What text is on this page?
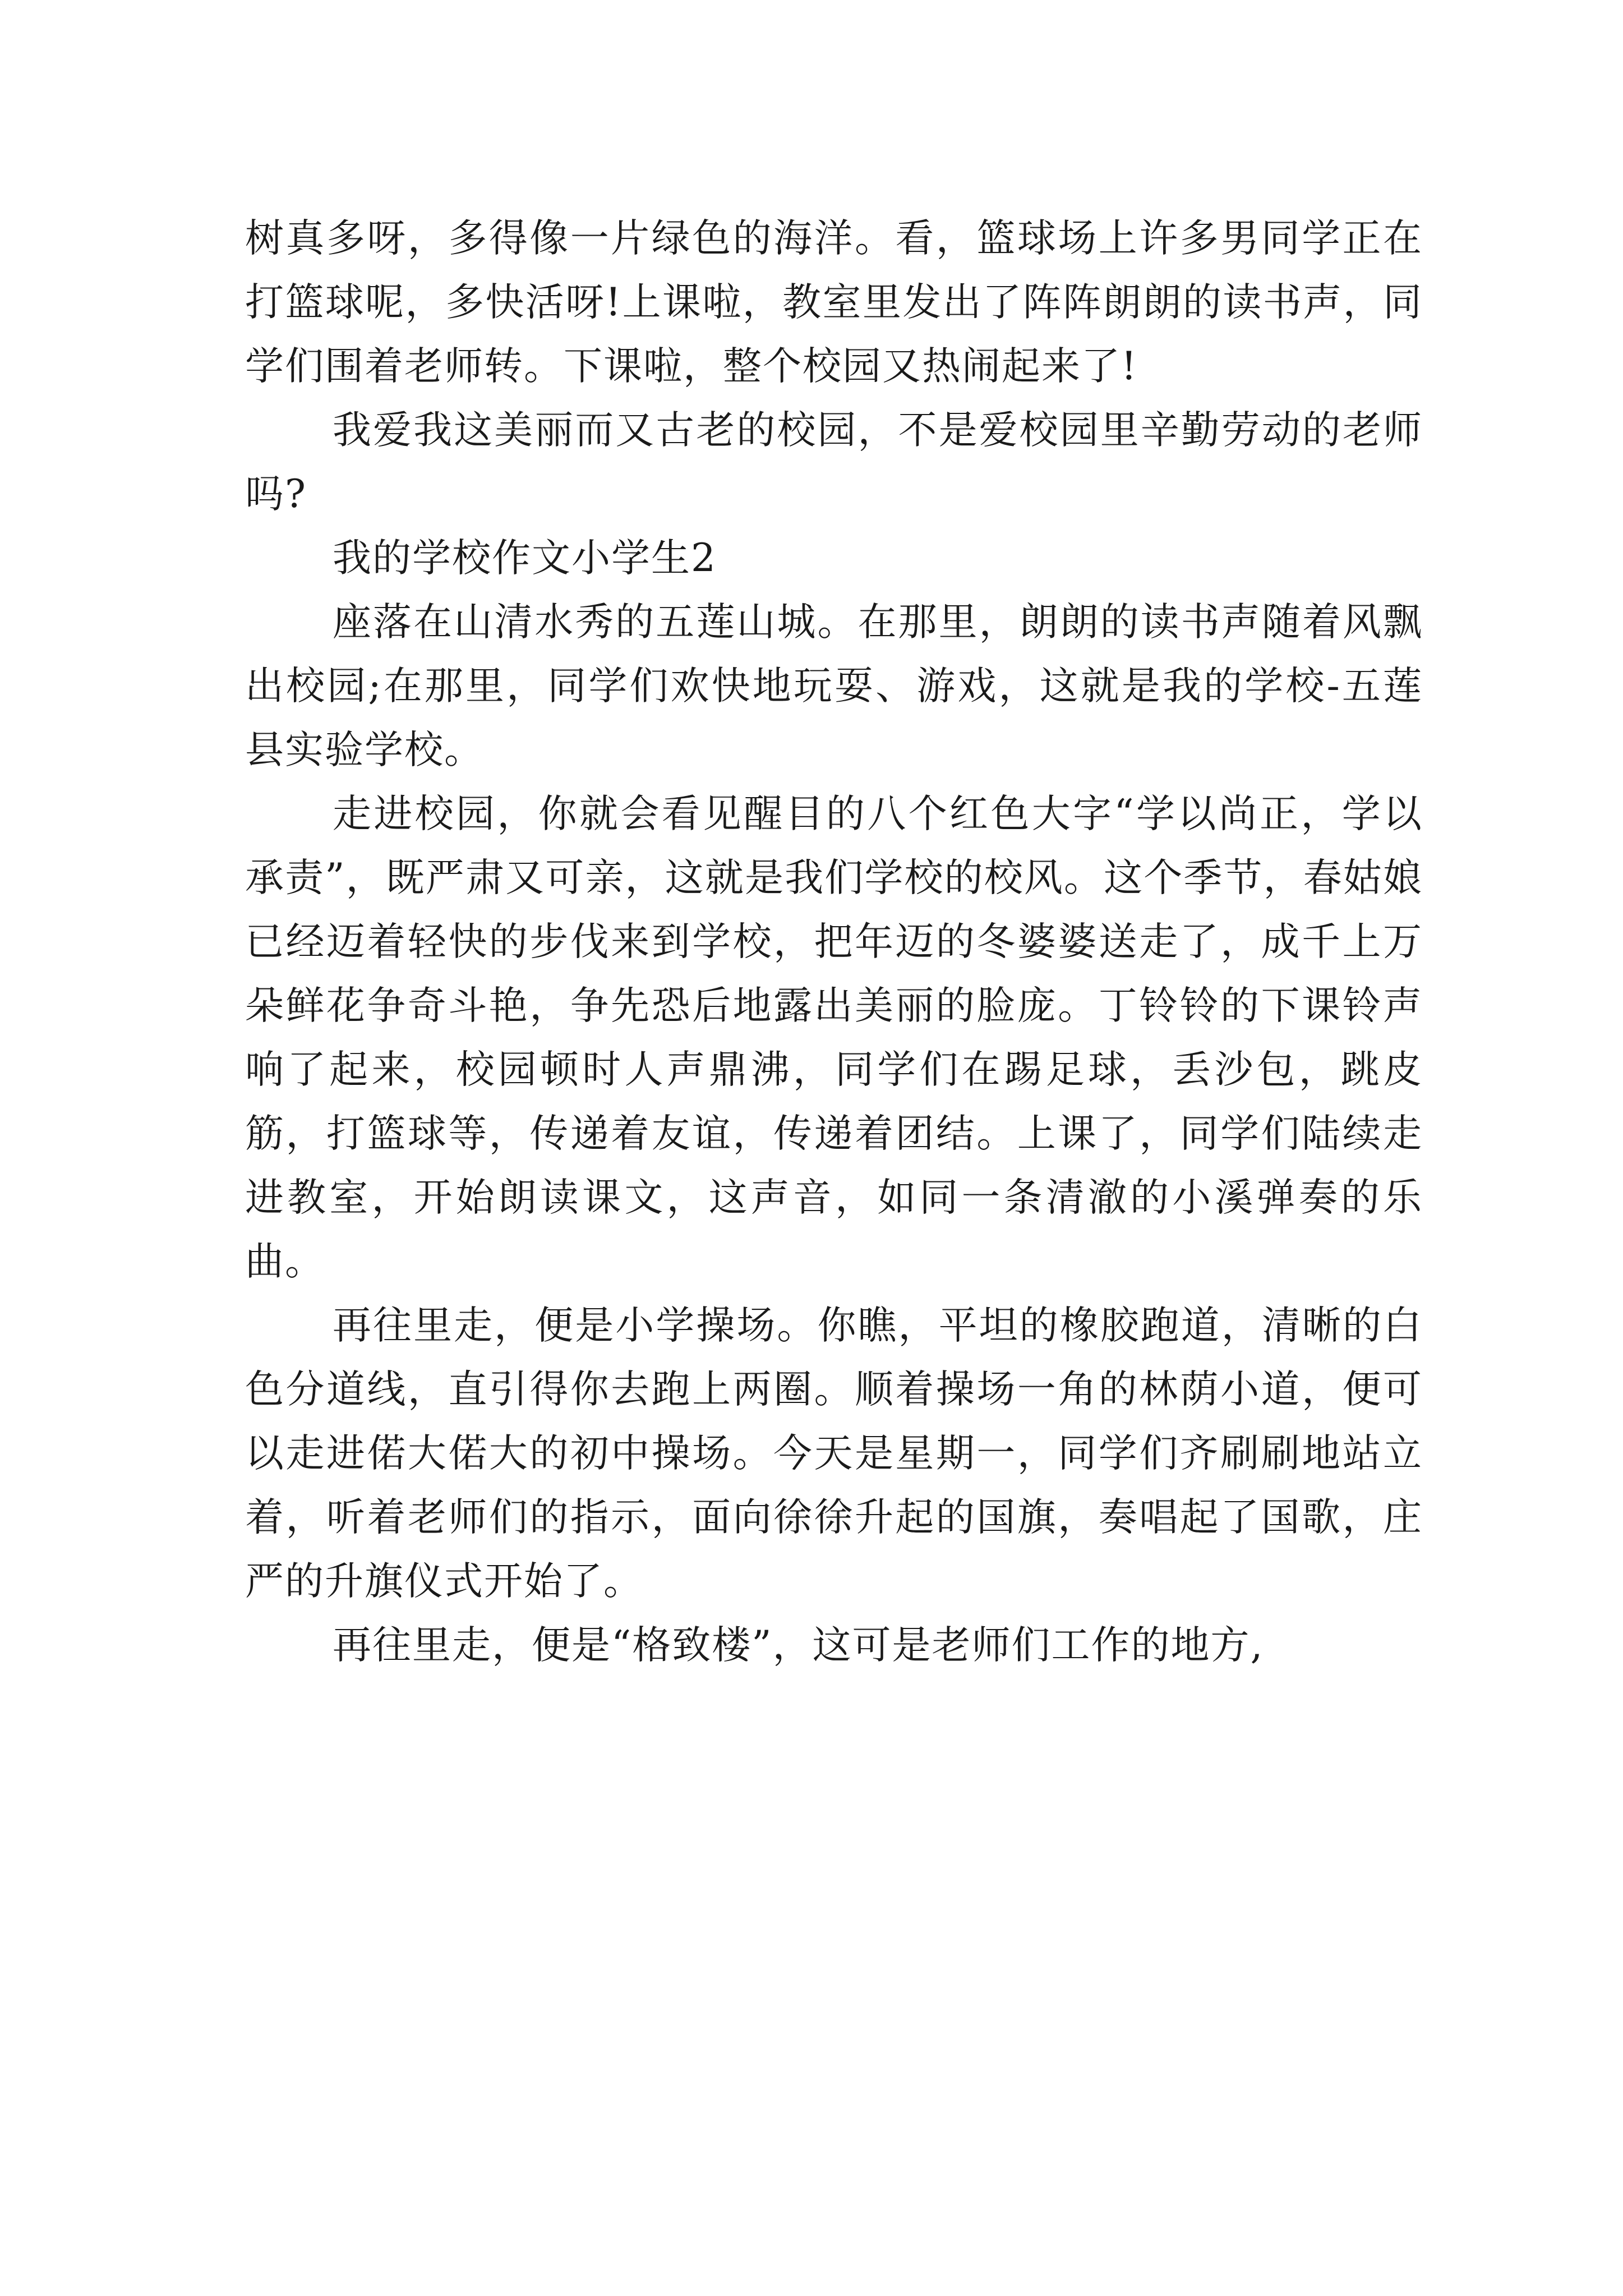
树真多呀，多得像一片绿色的海洋。看，篮球场上许多男同学正在打篮球呢，多快活呀!上课啦，教室里发出了阵阵朗朗的读书声，同学们围着老师转。下课啦，整个校园又热闹起来了!

我爱我这美丽而又古老的校园，不是爱校园里辛勤劳动的老师吗?

我的学校作文小学生2

座落在山清水秀的五莲山城。在那里，朗朗的读书声随着风飘出校园;在那里，同学们欢快地玩耍、游戏，这就是我的学校-五莲县实验学校。

走进校园，你就会看见醒目的八个红色大字“学以尚正，学以承责”，既严肃又可亲，这就是我们学校的校风。这个季节，春姑娘已经迈着轻快的步伐来到学校，把年迈的冬婆婆送走了，成千上万朵鲜花争奇斗艳，争先恐后地露出美丽的脸庞。丁铃铃的下课铃声响了起来，校园顿时人声鼎沸，同学们在踢足球，丢沙包，跳皮筋，打篮球等，传递着友谊，传递着团结。上课了，同学们陆续走进教室，开始朗读课文，这声音，如同一条清澈的小溪弹奏的乐曲。

再往里走，便是小学操场。你瞧，平坦的橡胶跑道，清晰的白色分道线，直引得你去跑上两圈。顺着操场一角的林荫小道，便可以走进偌大偌大的初中操场。今天是星期一，同学们齐刷刷地站立着，听着老师们的指示，面向徐徐升起的国旗，奏唱起了国歌，庄严的升旗仪式开始了。

再往里走，便是“格致楼”，这可是老师们工作的地方,
